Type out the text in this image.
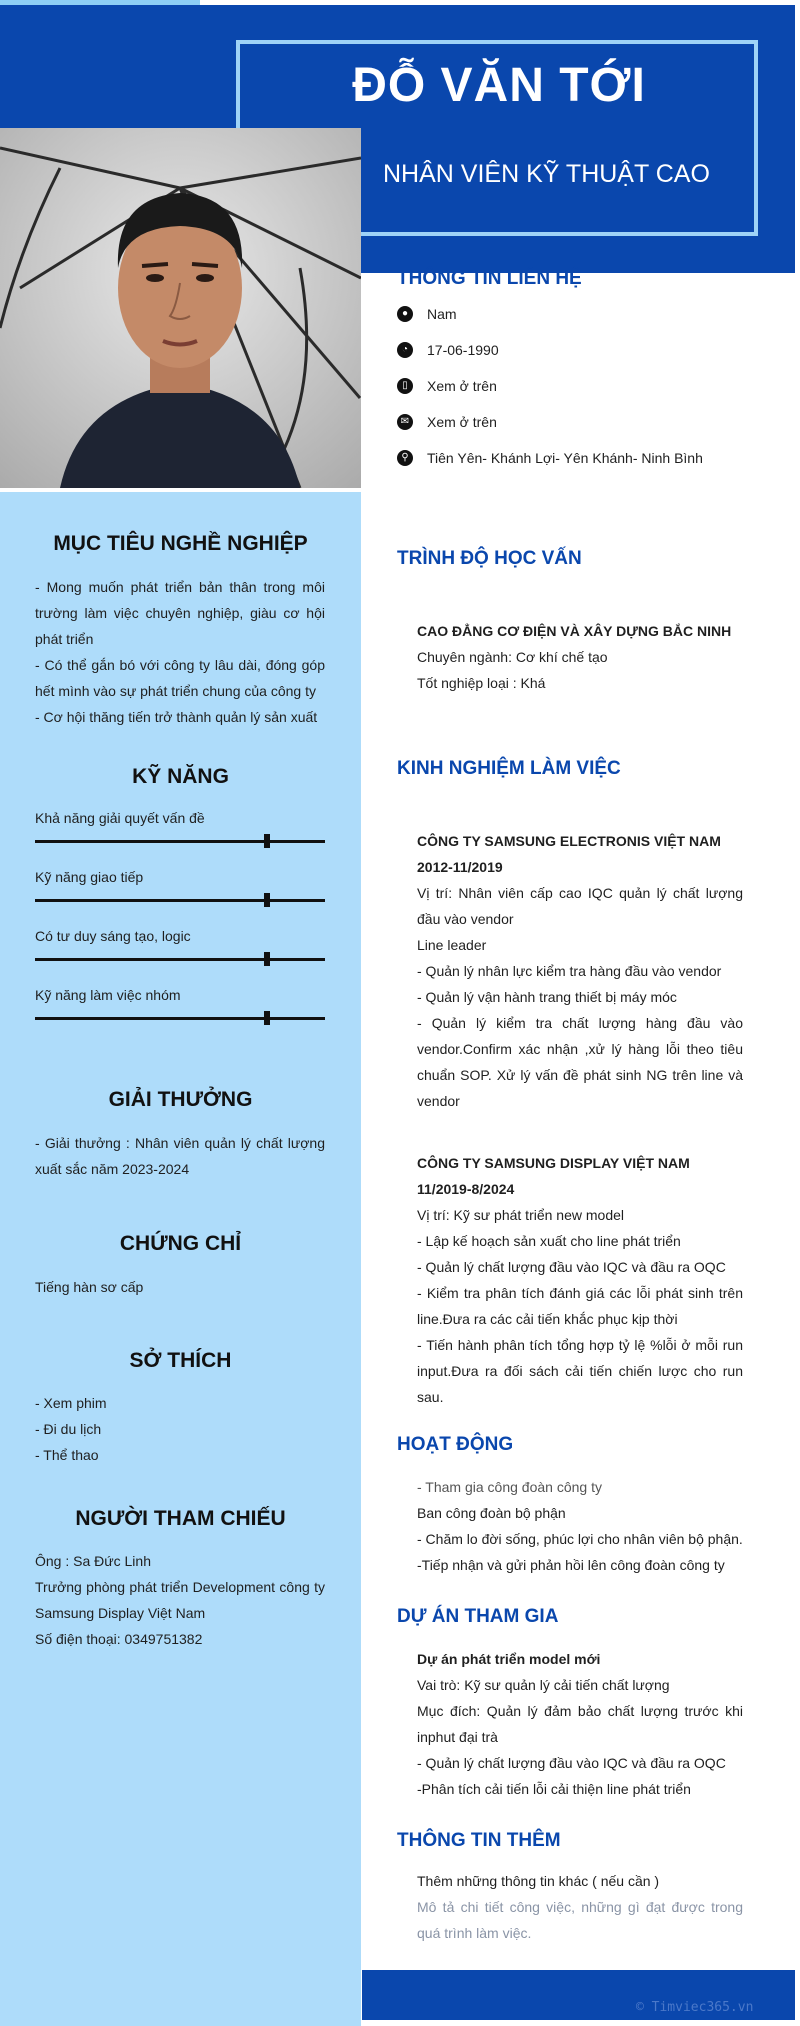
ĐỖ VĂN TỚI
NHÂN VIÊN KỸ THUẬT CAO
THÔNG TIN LIÊN HỆ
●	Nam
◔	17-06-1990
▯	Xem ở trên
✉ Xem ở trên
⚲	Tiên Yên- Khánh Lợi- Yên Khánh- Ninh Bình
MỤC TIÊU NGHỀ NGHIỆP
- Mong muốn phát triển bản thân trong môi trường làm việc chuyên nghiệp, giàu cơ hội phát triển
- Có thể gắn bó với công ty lâu dài, đóng góp hết mình vào sự phát triển chung của công ty
- Cơ hội thăng tiến trở thành quản lý sản xuất
KỸ NĂNG
Khả năng giải quyết vấn đề
Kỹ năng giao tiếp
Có tư duy sáng tạo, logic
Kỹ năng làm việc nhóm
GIẢI THƯỞNG
- Giải thưởng : Nhân viên quản lý chất lượng xuất sắc năm 2023-2024
CHỨNG CHỈ
Tiếng hàn sơ cấp
SỞ THÍCH
- Xem phim
- Đi du lịch
- Thể thao
NGƯỜI THAM CHIẾU
Ông : Sa Đức Linh
Trưởng phòng phát triển Development công ty Samsung Display Việt Nam
Số điện thoại: 0349751382
TRÌNH ĐỘ HỌC VẤN
CAO ĐẲNG CƠ ĐIỆN VÀ XÂY DỰNG BẮC NINH
Chuyên ngành: Cơ khí chế tạo
Tốt nghiệp loại : Khá
KINH NGHIỆM LÀM VIỆC
CÔNG TY SAMSUNG ELECTRONIS VIỆT NAM
2012-11/2019
Vị trí: Nhân viên cấp cao IQC quản lý chất lượng đầu vào vendor
Line leader
- Quản lý nhân lực kiểm tra hàng đầu vào vendor
- Quản lý vận hành trang thiết bị máy móc
- Quản lý kiểm tra chất lượng hàng đầu vào vendor.Confirm xác nhận ,xử lý hàng lỗi theo tiêu chuẩn SOP. Xử lý vấn đề phát sinh NG trên line và vendor
CÔNG TY SAMSUNG DISPLAY VIỆT NAM
11/2019-8/2024
Vị trí: Kỹ sư phát triển new model
- Lập kế hoạch sản xuất cho line phát triển
- Quản lý chất lượng đầu vào IQC và đầu ra OQC
- Kiểm tra phân tích đánh giá các lỗi phát sinh trên line.Đưa ra các cải tiến khắc phục kịp thời
- Tiến hành phân tích tổng hợp tỷ lệ %lỗi ở mỗi run input.Đưa ra đối sách cải tiến chiến lược cho run sau.
HOẠT ĐỘNG
- Tham gia công đoàn công ty
Ban công đoàn bộ phận
- Chăm lo đời sống, phúc lợi cho nhân viên bộ phận.
-Tiếp nhận và gửi phản hồi lên công đoàn công ty
DỰ ÁN THAM GIA
Dự án phát triển model mới
Vai trò: Kỹ sư quản lý cải tiến chất lượng
Mục đích: Quản lý đảm bảo chất lượng trước khi inphut đại trà
- Quản lý chất lượng đầu vào IQC và đầu ra OQC
-Phân tích cải tiến lỗi cải thiện line phát triển
THÔNG TIN THÊM
Thêm những thông tin khác ( nếu cần )
Mô tả chi tiết công việc, những gì đạt được trong quá trình làm việc.
© Timviec365.vn
